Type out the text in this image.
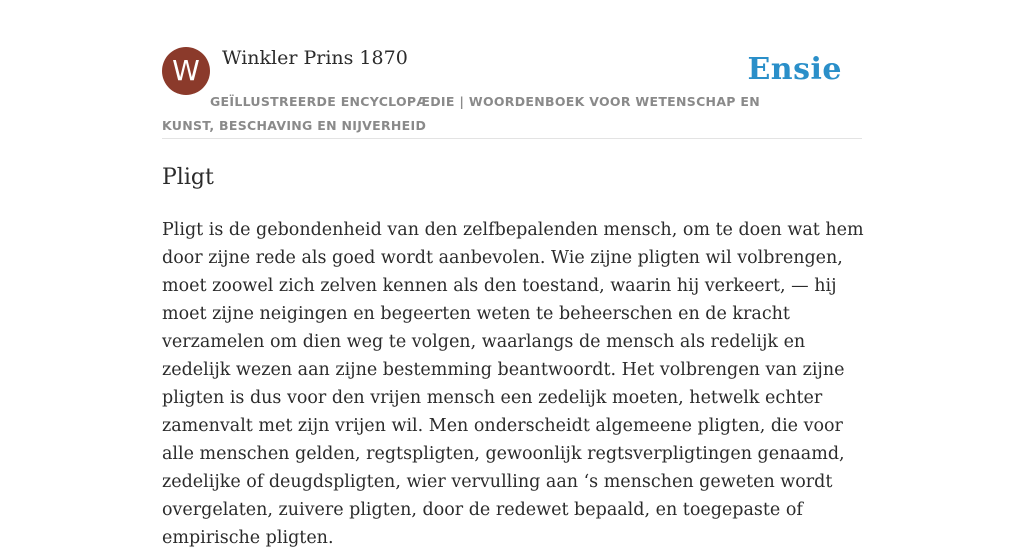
W	Winkler Prins 1870
GEÏLLUSTREERDE ENCYCLOPÆDIE | WOORDENBOEK VOOR WETENSCHAP EN KUNST, BESCHAVING EN NIJVERHEID
Ensie
Pligt

Pligt is de gebondenheid van den zelfbepalenden mensch, om te doen wat hem door zijne rede als goed wordt aanbevolen. Wie zijne pligten wil volbrengen, moet zoowel zich zelven kennen als den toestand, waarin hij verkeert, — hij moet zijne neigingen en begeerten weten te beheerschen en de kracht verzamelen om dien weg te volgen, waarlangs de mensch als redelijk en zedelijk wezen aan zijne bestemming beantwoordt. Het volbrengen van zijne pligten is dus voor den vrijen mensch een zedelijk moeten, hetwelk echter zamenvalt met zijn vrijen wil. Men onderscheidt algemeene pligten, die voor alle menschen gelden, regtspligten, gewoonlijk regtsverpligtingen genaamd, zedelijke of deugdspligten, wier vervulling aan ‘s menschen geweten wordt overgelaten, zuivere pligten, door de redewet bepaald, en toegepaste of empirische pligten.
